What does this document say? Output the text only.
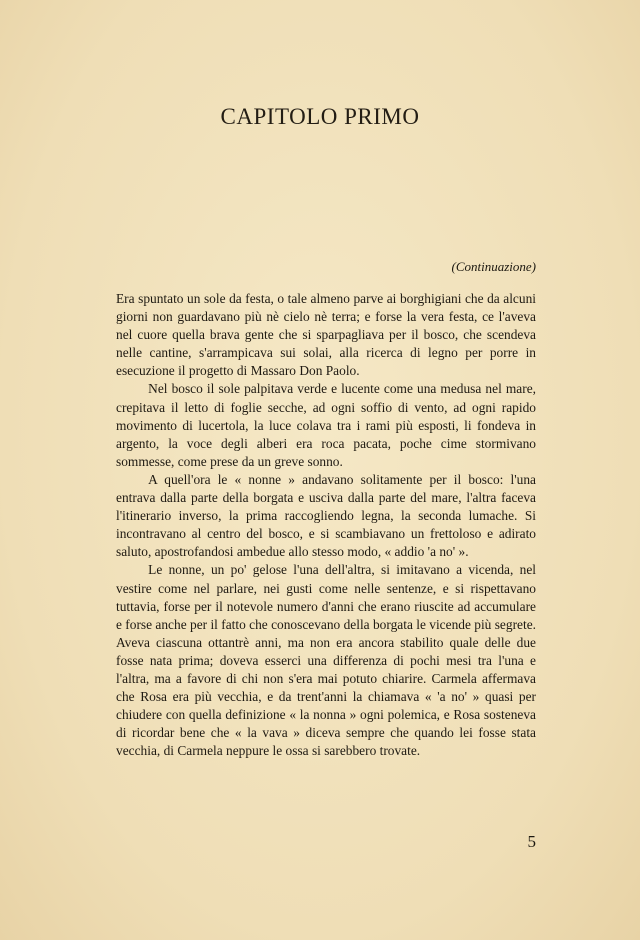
CAPITOLO PRIMO
(Continuazione)

Era spuntato un sole da festa, o tale almeno parve ai borghigiani che da alcuni giorni non guardavano più nè cielo nè terra; e forse la vera festa, ce l'aveva nel cuore quella brava gente che si sparpagliava per il bosco, che scendeva nelle cantine, s'arrampicava sui solai, alla ricerca di legno per porre in esecuzione il progetto di Massaro Don Paolo.

Nel bosco il sole palpitava verde e lucente come una medusa nel mare, crepitava il letto di foglie secche, ad ogni soffio di vento, ad ogni rapido movimento di lucertola, la luce colava tra i rami più esposti, li fondeva in argento, la voce degli alberi era roca pacata, poche cime stormivano sommesse, come prese da un greve sonno.

A quell'ora le « nonne » andavano solitamente per il bosco: l'una entrava dalla parte della borgata e usciva dalla parte del mare, l'altra faceva l'itinerario inverso, la prima raccogliendo legna, la seconda lumache. Si incontravano al centro del bosco, e si scambiavano un frettoloso e adirato saluto, apostrofandosi ambedue allo stesso modo, « addio 'a no' ».

Le nonne, un po' gelose l'una dell'altra, si imitavano a vicenda, nel vestire come nel parlare, nei gusti come nelle sentenze, e si rispettavano tuttavia, forse per il notevole numero d'anni che erano riuscite ad accumulare e forse anche per il fatto che conoscevano della borgata le vicende più segrete. Aveva ciascuna ottantrè anni, ma non era ancora stabilito quale delle due fosse nata prima; doveva esserci una differenza di pochi mesi tra l'una e l'altra, ma a favore di chi non s'era mai potuto chiarire. Carmela affermava che Rosa era più vecchia, e da trent'anni la chiamava « 'a no' » quasi per chiudere con quella definizione « la nonna » ogni polemica, e Rosa sosteneva di ricordar bene che « la vava » diceva sempre che quando lei fosse stata vecchia, di Carmela neppure le ossa si sarebbero trovate.

5
